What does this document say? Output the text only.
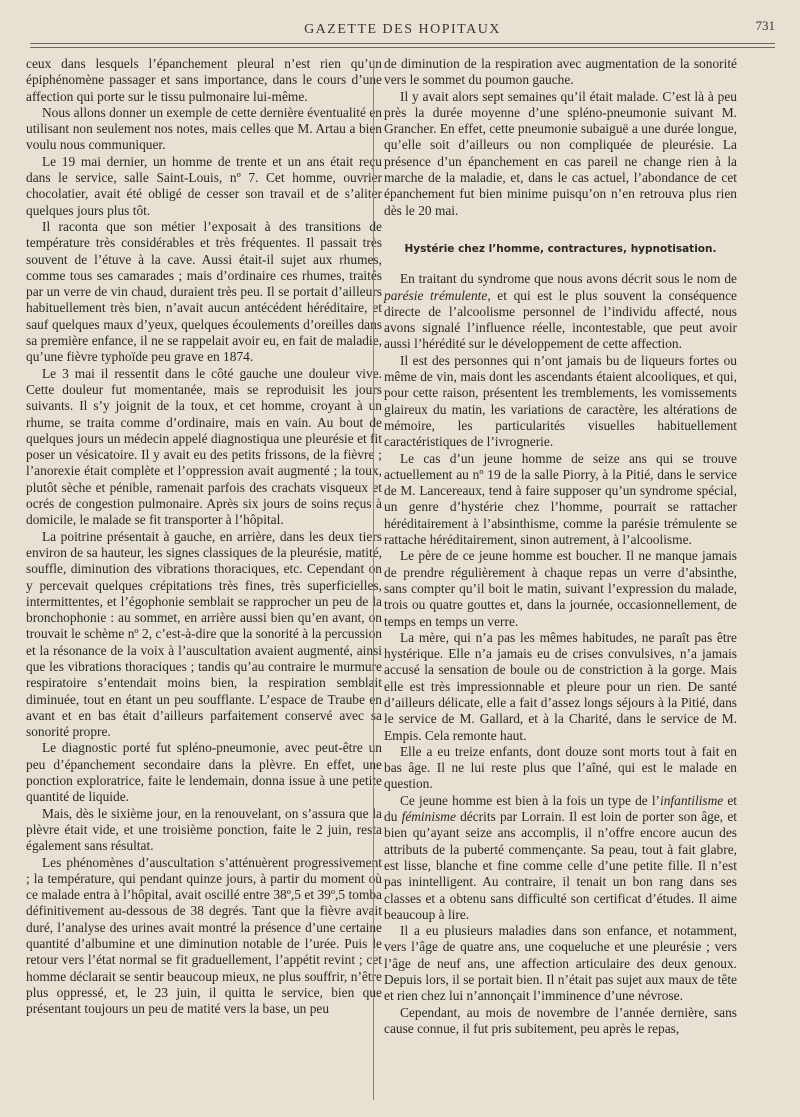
GAZETTE DES HOPITAUX	731

ceux dans lesquels l’épanchement pleural n’est rien qu’un épiphénomène passager et sans importance, dans le cours d’une affection qui porte sur le tissu pulmonaire lui-même.

Nous allons donner un exemple de cette dernière éventualité en utilisant non seulement nos notes, mais celles que M. Artau a bien voulu nous communiquer.

Le 19 mai dernier, un homme de trente et un ans était reçu dans le service, salle Saint-Louis, nº 7. Cet homme, ouvrier chocolatier, avait été obligé de cesser son travail et de s’aliter quelques jours plus tôt.

Il raconta que son métier l’exposait à des transitions de température très considérables et très fréquentes. Il passait très souvent de l’étuve à la cave. Aussi était-il sujet aux rhumes, comme tous ses camarades ; mais d’ordinaire ces rhumes, traités par un verre de vin chaud, duraient très peu. Il se portait d’ailleurs habituellement très bien, n’avait aucun antécédent héréditaire, et sauf quelques maux d’yeux, quelques écoulements d’oreilles dans sa première enfance, il ne se rappelait avoir eu, en fait de maladie, qu’une fièvre typhoïde peu grave en 1874.

Le 3 mai il ressentit dans le côté gauche une douleur vive. Cette douleur fut momentanée, mais se reproduisit les jours suivants. Il s’y joignit de la toux, et cet homme, croyant à un rhume, se traita comme d’ordinaire, mais en vain. Au bout de quelques jours un médecin appelé diagnostiqua une pleurésie et fit poser un vésicatoire. Il y avait eu des petits frissons, de la fièvre ; l’anorexie était complète et l’oppression avait augmenté ; la toux, plutôt sèche et pénible, ramenait parfois des crachats visqueux et ocrés de congestion pulmonaire. Après six jours de soins reçus à domicile, le malade se fit transporter à l’hôpital.

La poitrine présentait à gauche, en arrière, dans les deux tiers environ de sa hauteur, les signes classiques de la pleurésie, matité, souffle, diminution des vibrations thoraciques, etc. Cependant on y percevait quelques crépitations très fines, très superficielles, intermittentes, et l’égophonie semblait se rapprocher un peu de la bronchophonie : au sommet, en arrière aussi bien qu’en avant, on trouvait le schème nº 2, c’est-à-dire que la sonorité à la percussion et la résonance de la voix à l’auscultation avaient augmenté, ainsi que les vibrations thoraciques ; tandis qu’au contraire le murmure respiratoire s’entendait moins bien, la respiration semblait diminuée, tout en étant un peu soufflante. L’espace de Traube en avant et en bas était d’ailleurs parfaitement conservé avec sa sonorité propre.

Le diagnostic porté fut spléno-pneumonie, avec peut-être un peu d’épanchement secondaire dans la plèvre. En effet, une ponction exploratrice, faite le lendemain, donna issue à une petite quantité de liquide.

Mais, dès le sixième jour, en la renouvelant, on s’assura que la plèvre était vide, et une troisième ponction, faite le 2 juin, resta également sans résultat.

Les phénomènes d’auscultation s’atténuèrent progressivement ; la température, qui pendant quinze jours, à partir du moment où ce malade entra à l’hôpital, avait oscillé entre 38º,5 et 39º,5 tomba définitivement au-dessous de 38 degrés. Tant que la fièvre avait duré, l’analyse des urines avait montré la présence d’une certaine quantité d’albumine et une diminution notable de l’urée. Puis le retour vers l’état normal se fit graduellement, l’appétit revint ; cet homme déclarait se sentir beaucoup mieux, ne plus souffrir, n’être plus oppressé, et, le 23 juin, il quitta le service, bien que présentant toujours un peu de matité vers la base, un peu

de diminution de la respiration avec augmentation de la sonorité vers le sommet du poumon gauche.

Il y avait alors sept semaines qu’il était malade. C’est là à peu près la durée moyenne d’une spléno-pneumonie suivant M. Grancher. En effet, cette pneumonie subaiguë a une durée longue, qu’elle soit d’ailleurs ou non compliquée de pleurésie. La présence d’un épanchement en cas pareil ne change rien à la marche de la maladie, et, dans le cas actuel, l’abondance de cet épanchement fut bien minime puisqu’on n’en retrouva plus rien dès le 20 mai.

Hystérie chez l’homme, contractures, hypnotisation.

En traitant du syndrome que nous avons décrit sous le nom de parésie trémulente, et qui est le plus souvent la conséquence directe de l’alcoolisme personnel de l’individu affecté, nous avons signalé l’influence réelle, incontestable, que peut avoir aussi l’hérédité sur le développement de cette affection.

Il est des personnes qui n’ont jamais bu de liqueurs fortes ou même de vin, mais dont les ascendants étaient alcooliques, et qui, pour cette raison, présentent les tremblements, les vomissements glaireux du matin, les variations de caractère, les altérations de mémoire, les particularités visuelles habituellement caractéristiques de l’ivrognerie.

Le cas d’un jeune homme de seize ans qui se trouve actuellement au nº 19 de la salle Piorry, à la Pitié, dans le service de M. Lancereaux, tend à faire supposer qu’un syndrome spécial, un genre d’hystérie chez l’homme, pourrait se rattacher héréditairement à l’absinthisme, comme la parésie trémulente se rattache héréditairement, sinon autrement, à l’alcoolisme.

Le père de ce jeune homme est boucher. Il ne manque jamais de prendre régulièrement à chaque repas un verre d’absinthe, sans compter qu’il boit le matin, suivant l’expression du malade, trois ou quatre gouttes et, dans la journée, occasionnellement, de temps en temps un verre.

La mère, qui n’a pas les mêmes habitudes, ne paraît pas être hystérique. Elle n’a jamais eu de crises convulsives, n’a jamais accusé la sensation de boule ou de constriction à la gorge. Mais elle est très impressionnable et pleure pour un rien. De santé d’ailleurs délicate, elle a fait d’assez longs séjours à la Pitié, dans le service de M. Gallard, et à la Charité, dans le service de M. Empis. Cela remonte haut.

Elle a eu treize enfants, dont douze sont morts tout à fait en bas âge. Il ne lui reste plus que l’aîné, qui est le malade en question.

Ce jeune homme est bien à la fois un type de l’infantilisme et du féminisme décrits par Lorrain. Il est loin de porter son âge, et bien qu’ayant seize ans accomplis, il n’offre encore aucun des attributs de la puberté commençante. Sa peau, tout à fait glabre, est lisse, blanche et fine comme celle d’une petite fille. Il n’est pas inintelligent. Au contraire, il tenait un bon rang dans ses classes et a obtenu sans difficulté son certificat d’études. Il aime beaucoup à lire.

Il a eu plusieurs maladies dans son enfance, et notamment, vers l’âge de quatre ans, une coqueluche et une pleurésie ; vers l’âge de neuf ans, une affection articulaire des deux genoux. Depuis lors, il se portait bien. Il n’était pas sujet aux maux de tête et rien chez lui n’annonçait l’imminence d’une névrose.

Cependant, au mois de novembre de l’année dernière, sans cause connue, il fut pris subitement, peu après le repas,
